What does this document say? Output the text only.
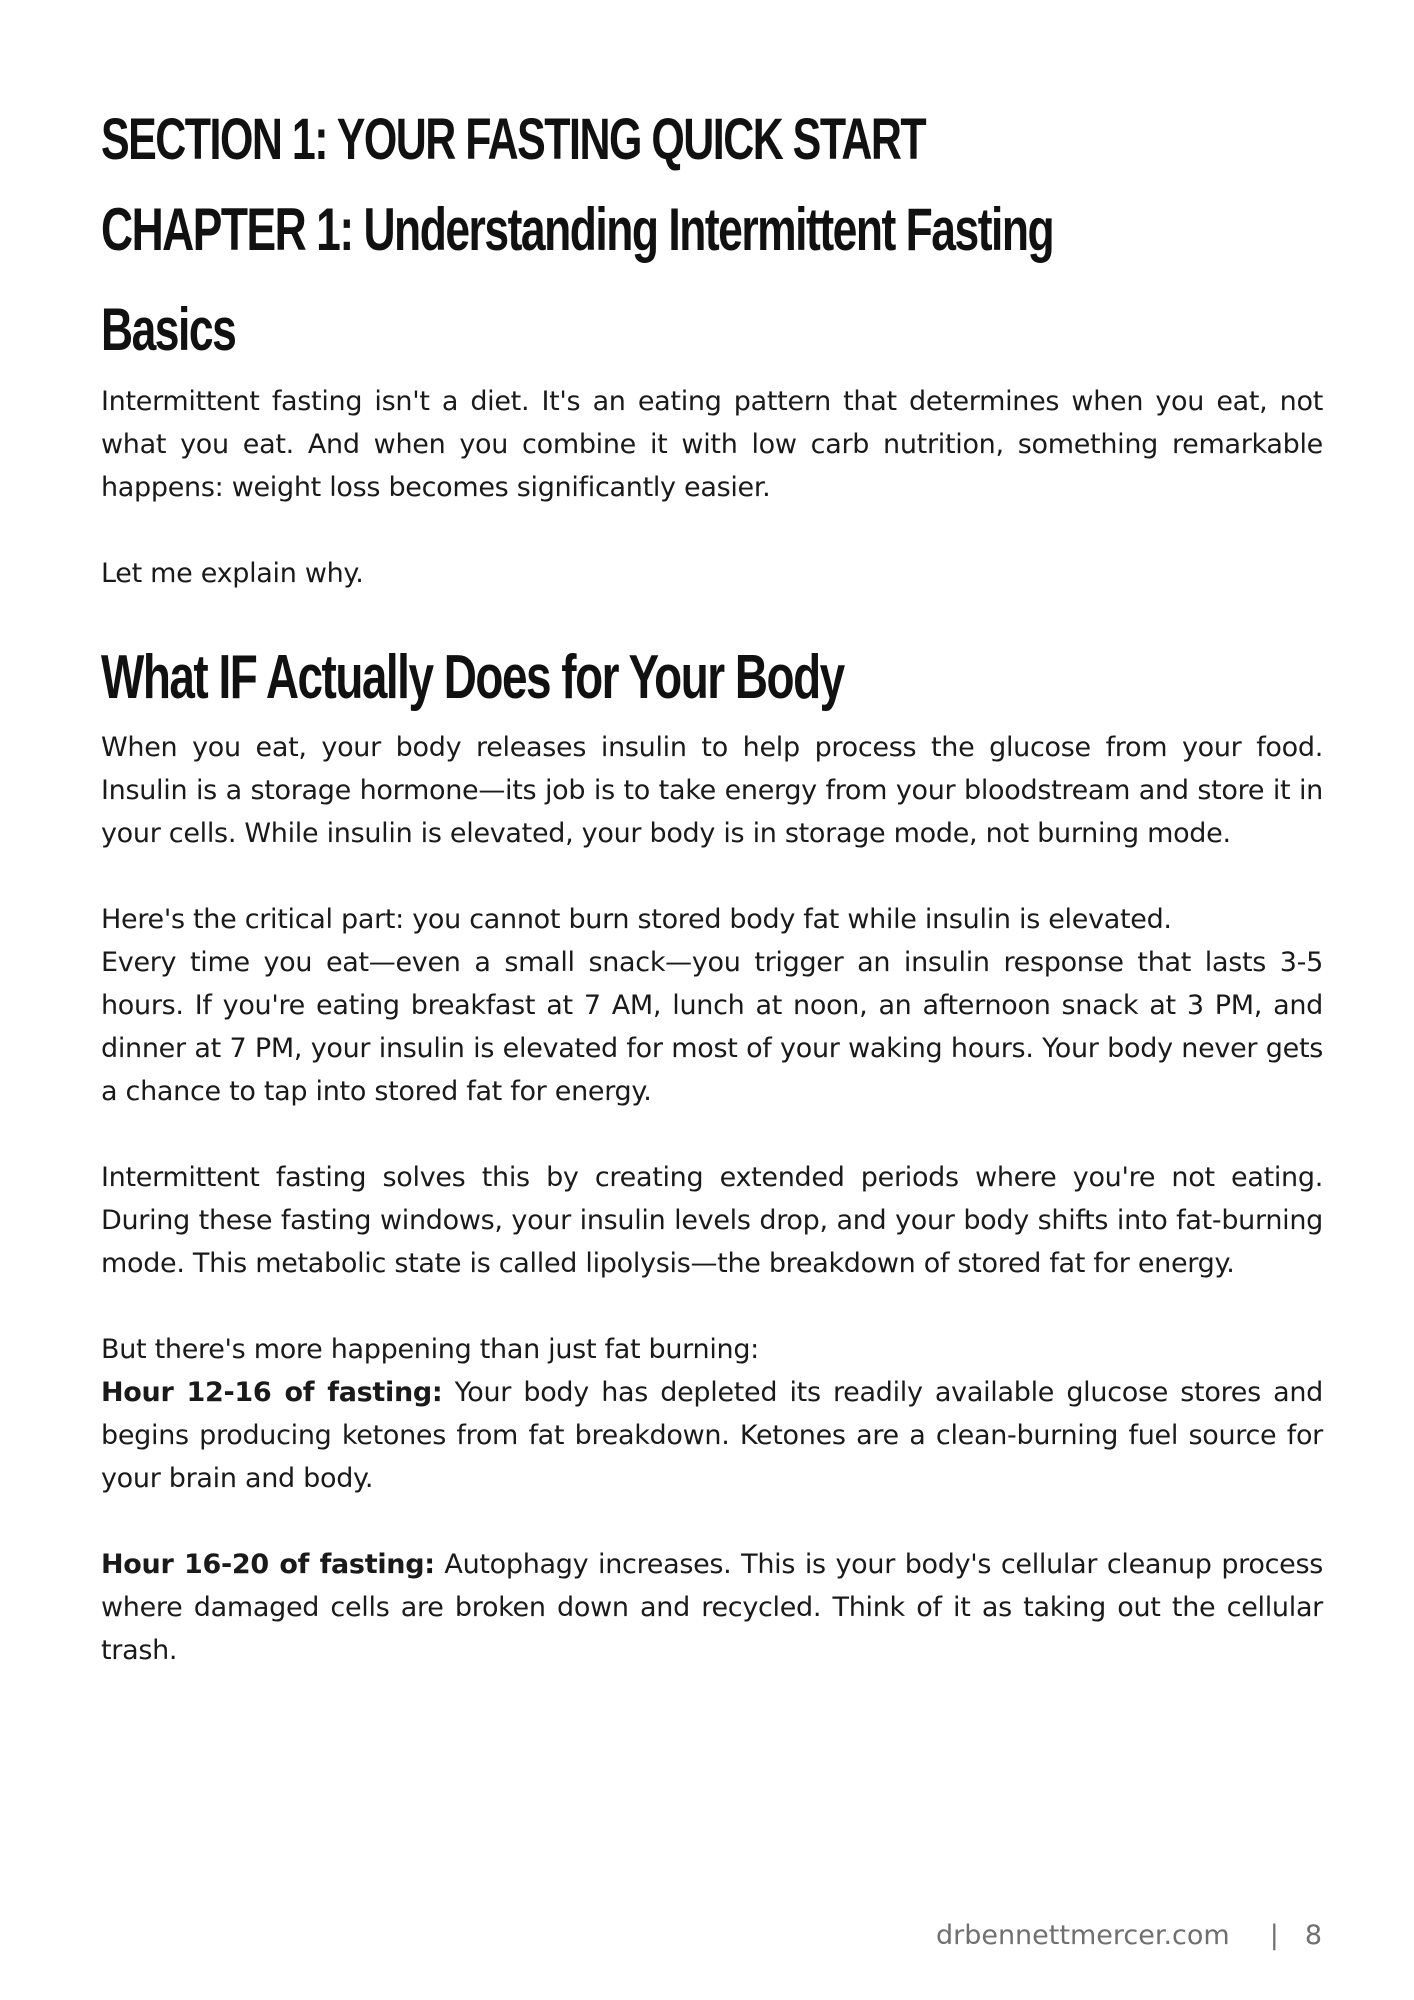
SECTION 1: YOUR FASTING QUICK START
CHAPTER 1: Understanding Intermittent Fasting Basics

Intermittent fasting isn't a diet. It's an eating pattern that determines when you eat, not what you eat. And when you combine it with low carb nutrition, something remarkable happens: weight loss becomes significantly easier.

Let me explain why.

What IF Actually Does for Your Body

When you eat, your body releases insulin to help process the glucose from your food. Insulin is a storage hormone—its job is to take energy from your bloodstream and store it in your cells. While insulin is elevated, your body is in storage mode, not burning mode.

Here's the critical part: you cannot burn stored body fat while insulin is elevated.

Every time you eat—even a small snack—you trigger an insulin response that lasts 3-5 hours. If you're eating breakfast at 7 AM, lunch at noon, an afternoon snack at 3 PM, and dinner at 7 PM, your insulin is elevated for most of your waking hours. Your body never gets a chance to tap into stored fat for energy.

Intermittent fasting solves this by creating extended periods where you're not eating. During these fasting windows, your insulin levels drop, and your body shifts into fat-burning mode. This metabolic state is called lipolysis—the breakdown of stored fat for energy.

But there's more happening than just fat burning:

Hour 12-16 of fasting: Your body has depleted its readily available glucose stores and begins producing ketones from fat breakdown. Ketones are a clean-burning fuel source for your brain and body.

Hour 16-20 of fasting: Autophagy increases. This is your body's cellular cleanup process where damaged cells are broken down and recycled. Think of it as taking out the cellular trash.

drbennettmercer.com | 8
